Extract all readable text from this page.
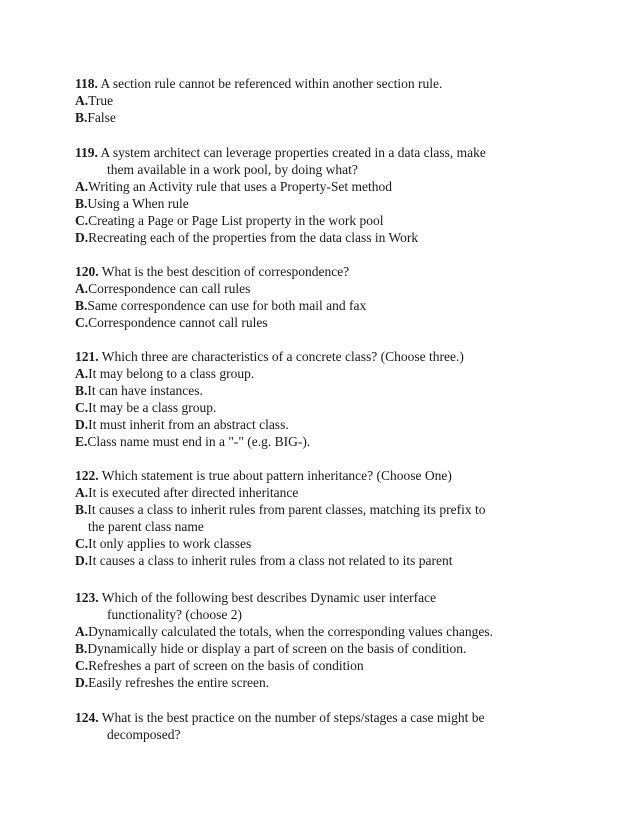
118. A section rule cannot be referenced within another section rule.

A.True

B.False

119. A system architect can leverage properties created in a data class, make

them available in a work pool, by doing what?

A.Writing an Activity rule that uses a Property-Set method

B.Using a When rule

C.Creating a Page or Page List property in the work pool

D.Recreating each of the properties from the data class in Work

120. What is the best descition of correspondence?

A.Correspondence can call rules

B.Same correspondence can use for both mail and fax

C.Correspondence cannot call rules

121. Which three are characteristics of a concrete class? (Choose three.)

A.It may belong to a class group.

B.It can have instances.

C.It may be a class group.

D.It must inherit from an abstract class.

E.Class name must end in a "-" (e.g. BIG-).

122. Which statement is true about pattern inheritance? (Choose One)

A.It is executed after directed inheritance

B.It causes a class to inherit rules from parent classes, matching its prefix to

the parent class name

C.It only applies to work classes

D.It causes a class to inherit rules from a class not related to its parent

123. Which of the following best describes Dynamic user interface

functionality? (choose 2)

A.Dynamically calculated the totals, when the corresponding values changes.

B.Dynamically hide or display a part of screen on the basis of condition.

C.Refreshes a part of screen on the basis of condition

D.Easily refreshes the entire screen.

124. What is the best practice on the number of steps/stages a case might be

decomposed?
